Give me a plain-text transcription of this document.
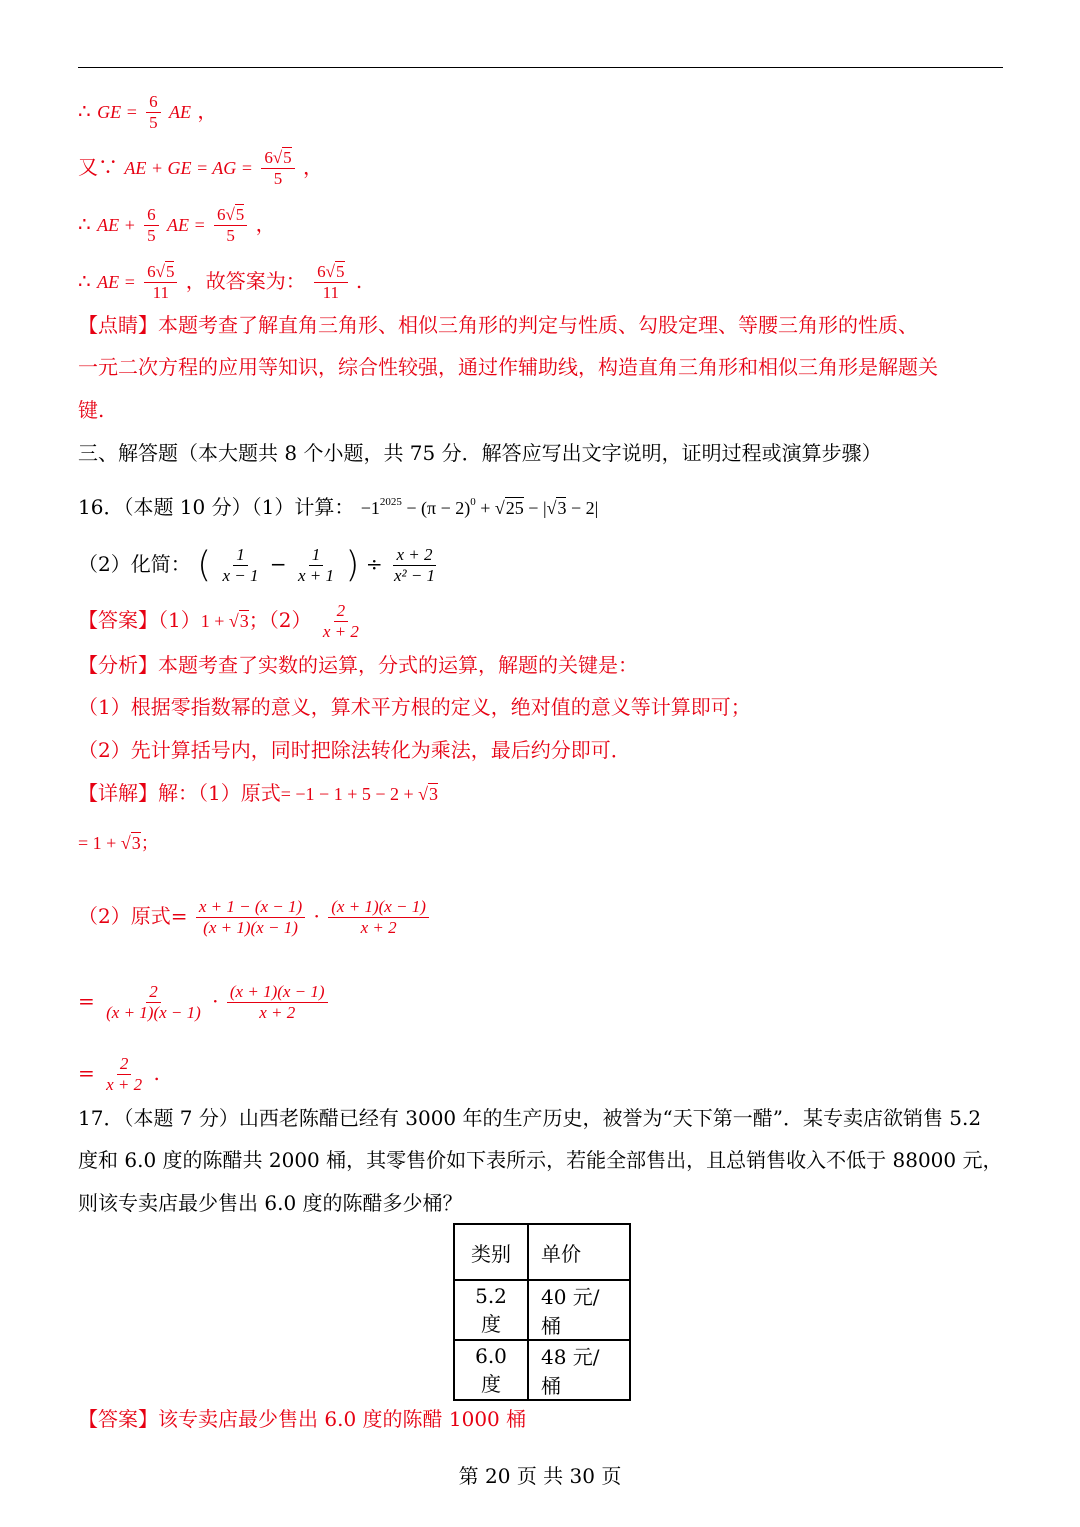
∴ GE = $\frac{6}{5}$ AE ，
又∵ AE + GE = AG = $\frac{6√5}{5}$ ，
∴ AE + $\frac{6}{5}$ AE = $\frac{6√5}{5}$ ，
∴ AE = $\frac{6√5}{11}$ ，故答案为： $\frac{6√5}{11}$ .
【点睛】本题考查了解直角三角形、相似三角形的判定与性质、勾股定理、等腰三角形的性质、
一元二次方程的应用等知识，综合性较强，通过作辅助线，构造直角三角形和相似三角形是解题关
键.
三、解答题（本大题共 8 个小题，共 75 分．解答应写出文字说明，证明过程或演算步骤）
16．（本题 10 分）（1）计算： $-1^{2025} - (\pi - 2)^0 + √25 - |√3 - 2|$
（2）化简： ( $\frac{1}{x - 1} - \frac{1}{x + 1}$ ) ÷ $\frac{x + 2}{\text{x² − 1}}$
【答案】（1）1 + √3；$(2) \frac{2}{x + 2}$
【分析】本题考查了实数的运算，分式的运算，解题的关键是：
（1）根据零指数幂的意义，算术平方根的定义，绝对值的意义等计算即可；
（2）先计算括号内，同时把除法转化为乘法，最后约分即可．
【详解】解：（1）原式= −1 − 1 + 5 − 2 + √3
= 1 + √3；
（2）原式= $\frac{x + 1 - (x - 1)}{(x + 1)(x - 1)} \cdot \frac{(x + 1)(x - 1)}{x + 2}$
= $\frac{2}{(x + 1)(x - 1)} \cdot \frac{(x + 1)(x - 1)}{x + 2}$
= $\frac{2}{x + 2}$ .
17．（本题 7 分）山西老陈醋已经有 3000 年的生产历史，被誉为“天下第一醋”．某专卖店欲销售 5.2
度和 6.0 度的陈醋共 2000 桶，其零售价如下表所示，若能全部售出，且总销售收入不低于 88000 元，
则该专卖店最少售出 6.0 度的陈醋多少桶？
类别	单价
5.2度	40 元/桶
6.0 度	48 元/桶
【答案】该专卖店最少售出 6.0 度的陈醋 1000 桶
第 20 页 共 30 页
